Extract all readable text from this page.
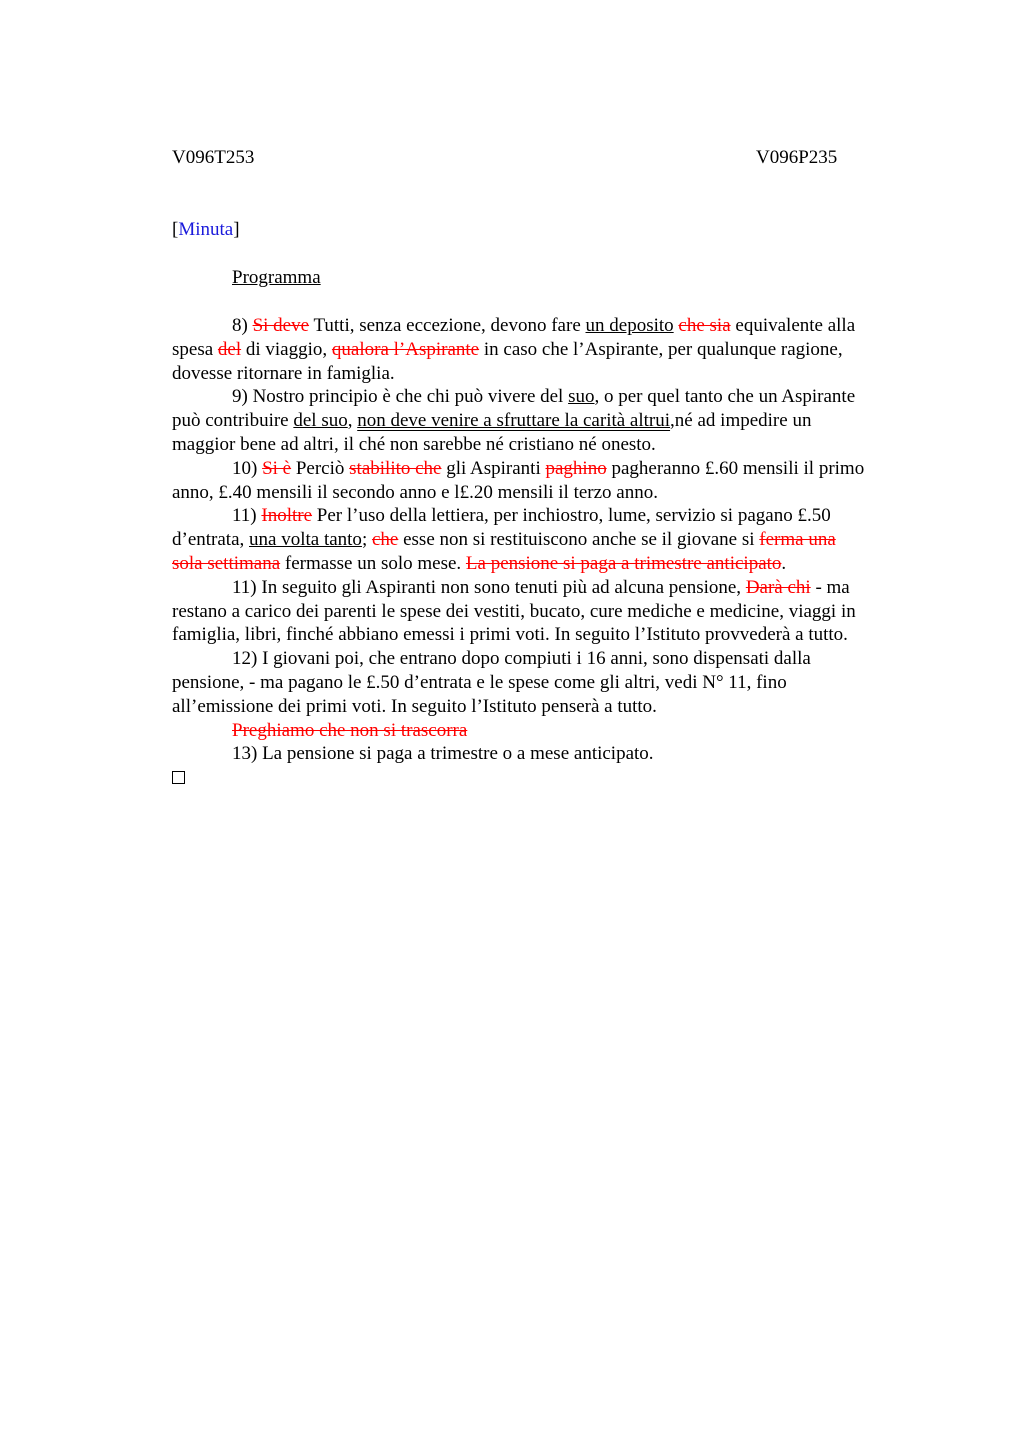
V096T253	V096P235
[Minuta]
Programma
8) Si deve Tutti, senza eccezione, devono fare un deposito che sia equivalente alla
spesa del di viaggio, qualora l’Aspirante in caso che l’Aspirante, per qualunque ragione,
dovesse ritornare in famiglia.
9) Nostro principio è che chi può vivere del suo, o per quel tanto che un Aspirante
può contribuire del suo, non deve venire a sfruttare la carità altrui,né ad impedire un
maggior bene ad altri, il ché non sarebbe né cristiano né onesto.
10) Si è Perciò stabilito che gli Aspiranti paghino pagheranno £.60 mensili il primo
anno, £.40 mensili il secondo anno e l£.20 mensili il terzo anno.
11) Inoltre Per l’uso della lettiera, per inchiostro, lume, servizio si pagano £.50
d’entrata, una volta tanto; che esse non si restituiscono anche se il giovane si ferma una
sola settimana fermasse un solo mese. La pensione si paga a trimestre anticipato.
11) In seguito gli Aspiranti non sono tenuti più ad alcuna pensione, Darà chi - ma
restano a carico dei parenti le spese dei vestiti, bucato, cure mediche e medicine, viaggi in
famiglia, libri, finché abbiano emessi i primi voti. In seguito l’Istituto provvederà a tutto.
12) I giovani poi, che entrano dopo compiuti i 16 anni, sono dispensati dalla
pensione, - ma pagano le £.50 d’entrata e le spese come gli altri, vedi N° 11, fino
all’emissione dei primi voti. In seguito l’Istituto penserà a tutto.
Preghiamo che non si trascorra
13) La pensione si paga a trimestre o a mese anticipato.
